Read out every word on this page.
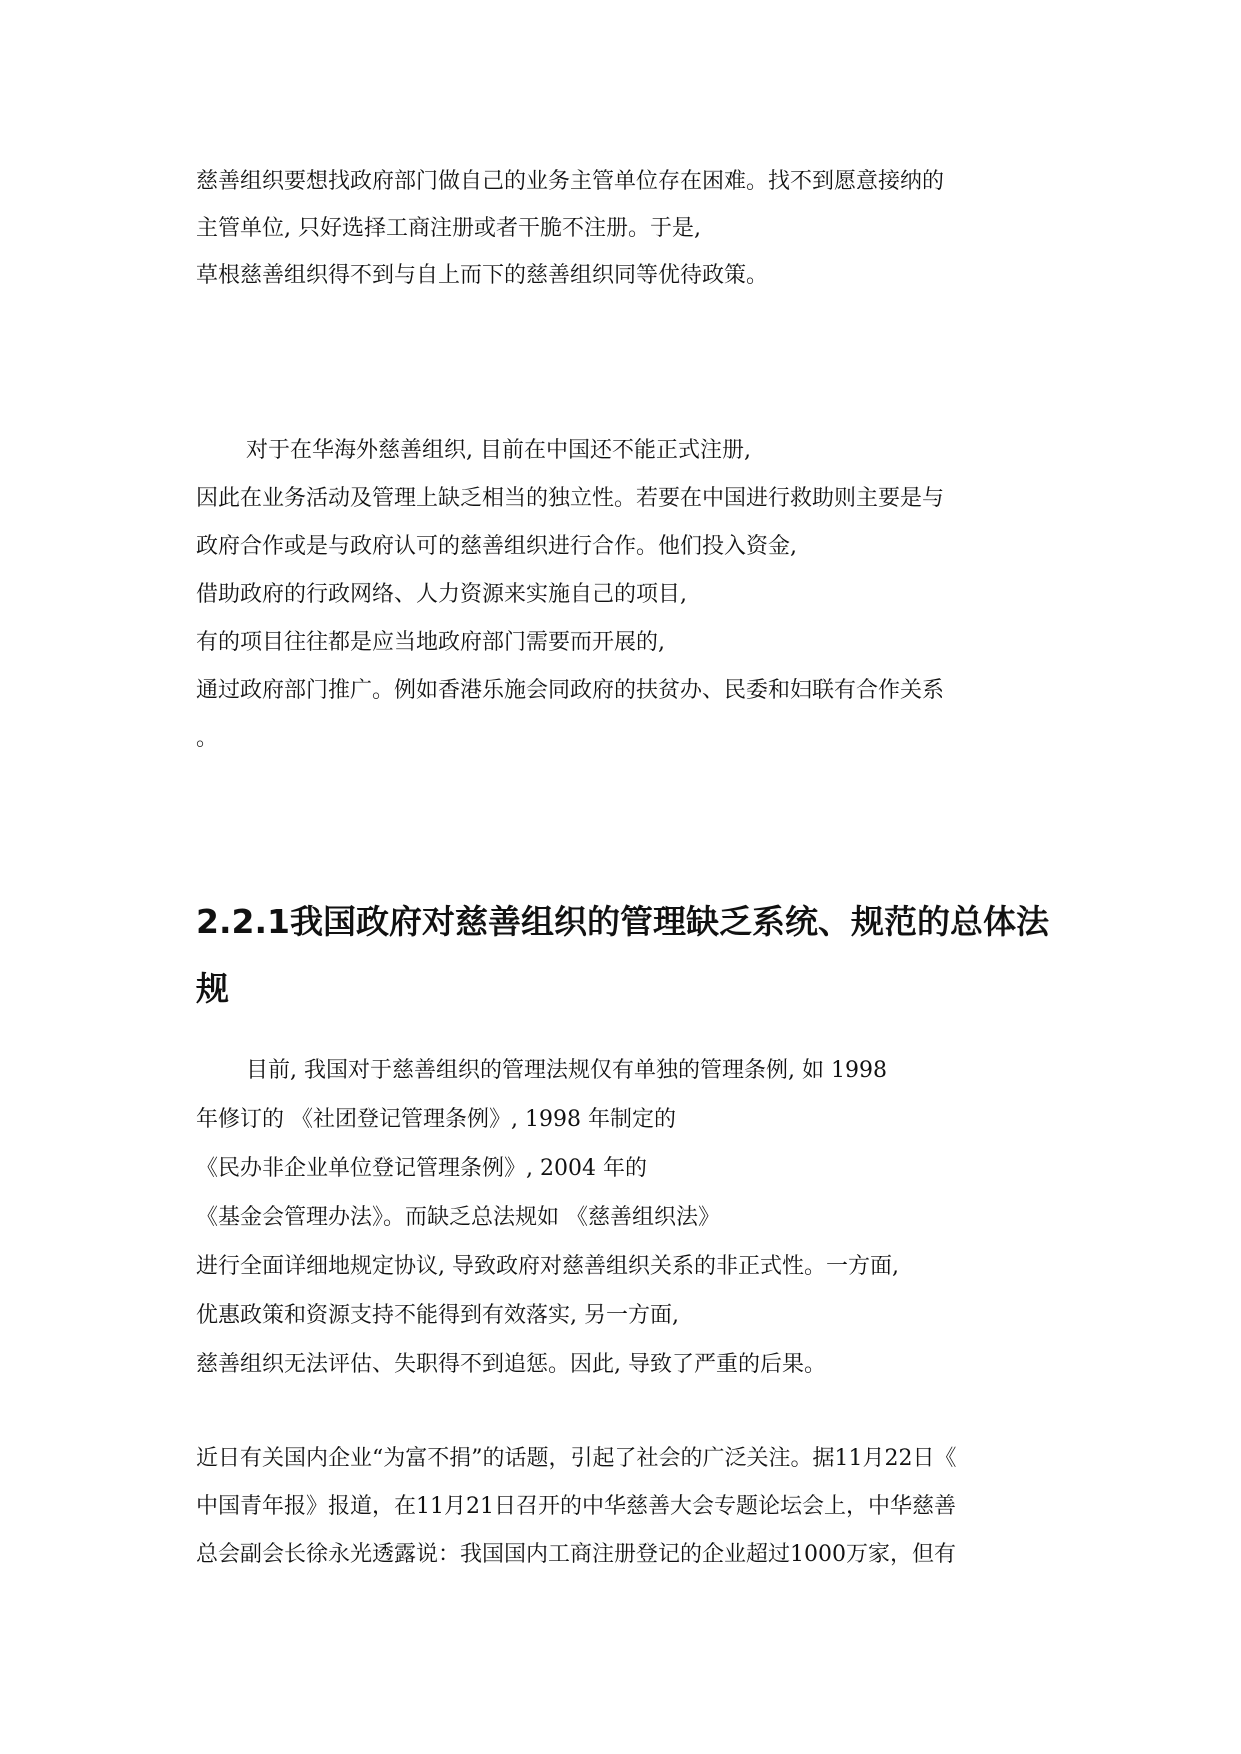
慈善组织要想找政府部门做自己的业务主管单位存在困难。找不到愿意接纳的
主管单位, 只好选择工商注册或者干脆不注册。于是,
草根慈善组织得不到与自上而下的慈善组织同等优待政策。
对于在华海外慈善组织, 目前在中国还不能正式注册,
因此在业务活动及管理上缺乏相当的独立性。若要在中国进行救助则主要是与
政府合作或是与政府认可的慈善组织进行合作。他们投入资金,
借助政府的行政网络、人力资源来实施自己的项目,
有的项目往往都是应当地政府部门需要而开展的,
通过政府部门推广。例如香港乐施会同政府的扶贫办、民委和妇联有合作关系
。
2.2.1我国政府对慈善组织的管理缺乏系统、规范的总体法
规
目前, 我国对于慈善组织的管理法规仅有单独的管理条例, 如 1998
年修订的 《社团登记管理条例》, 1998 年制定的
《民办非企业单位登记管理条例》, 2004 年的
《基金会管理办法》。而缺乏总法规如 《慈善组织法》
进行全面详细地规定协议, 导致政府对慈善组织关系的非正式性。一方面,
优惠政策和资源支持不能得到有效落实, 另一方面,
慈善组织无法评估、失职得不到追惩。因此, 导致了严重的后果。
近日有关国内企业“为富不捐”的话题，引起了社会的广泛关注。据11月22日《
中国青年报》报道，在11月21日召开的中华慈善大会专题论坛会上，中华慈善
总会副会长徐永光透露说：我国国内工商注册登记的企业超过1000万家，但有
